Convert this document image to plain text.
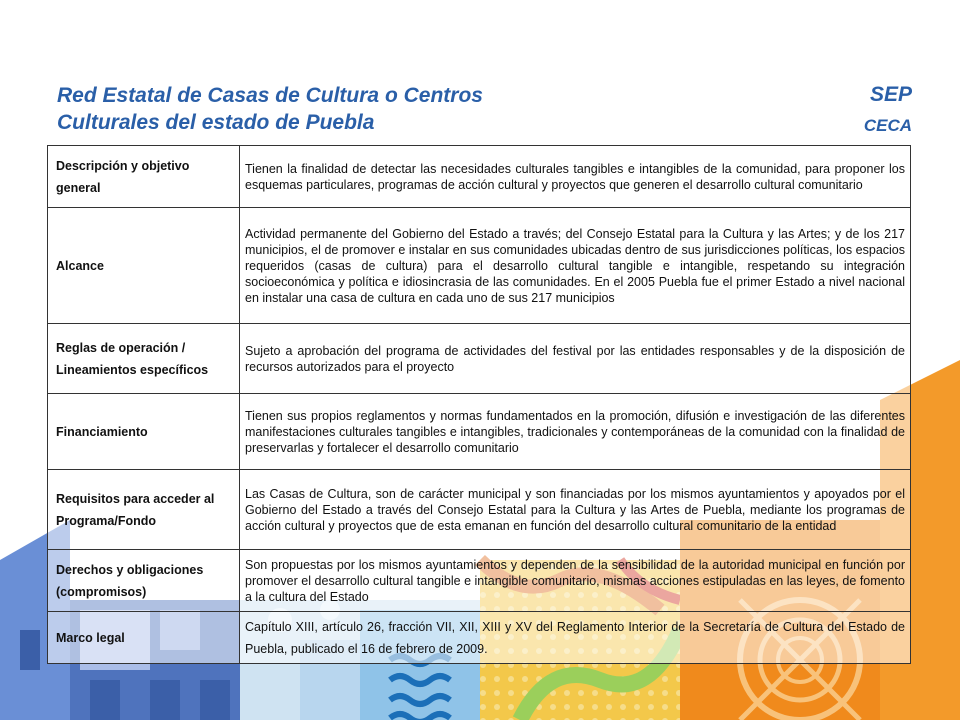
Red Estatal de Casas de Cultura o Centros
Culturales del estado de Puebla
SEP
CECA
Descripción y objetivo general	Tienen la finalidad de detectar las necesidades culturales tangibles e intangibles de la comunidad, para proponer los esquemas particulares, programas de acción cultural y proyectos que generen el desarrollo cultural comunitario
Alcance	Actividad permanente del Gobierno del Estado a través; del Consejo Estatal para la Cultura y las Artes; y de los 217 municipios, el de promover e instalar en sus comunidades ubicadas dentro de sus jurisdicciones políticas, los espacios requeridos (casas de cultura) para el desarrollo cultural tangible e intangible, respetando su integración socioeconómica y política e idiosincrasia de las comunidades. En el 2005 Puebla fue el primer Estado a nivel nacional en instalar una casa de cultura en cada uno de sus 217 municipios
Reglas de operación / Lineamientos específicos	Sujeto a aprobación del programa de actividades del festival por las entidades responsables y de la disposición de recursos autorizados para el proyecto
Financiamiento	Tienen sus propios reglamentos y normas fundamentados en la promoción, difusión e investigación de las diferentes manifestaciones culturales tangibles e intangibles, tradicionales y contemporáneas de la comunidad con la finalidad de preservarlas y fortalecer el desarrollo comunitario
Requisitos para acceder al Programa/Fondo	Las Casas de Cultura, son de carácter municipal y son financiadas por los mismos ayuntamientos y apoyados por el Gobierno del Estado a través del Consejo Estatal para la Cultura y las Artes de Puebla, mediante los programas de acción cultural y proyectos que de esta emanan en función del desarrollo cultural comunitario de la entidad
Derechos y obligaciones (compromisos)	Son propuestas por los mismos ayuntamientos y dependen de la sensibilidad de la autoridad municipal en función por promover el desarrollo cultural tangible e intangible comunitario, mismas acciones estipuladas en las leyes, de fomento a la cultura del Estado
Marco legal	Capítulo XIII, artículo 26, fracción VII, XII, XIII y XV del Reglamento Interior de la Secretaría de Cultura del Estado de Puebla, publicado el 16 de febrero de 2009.
